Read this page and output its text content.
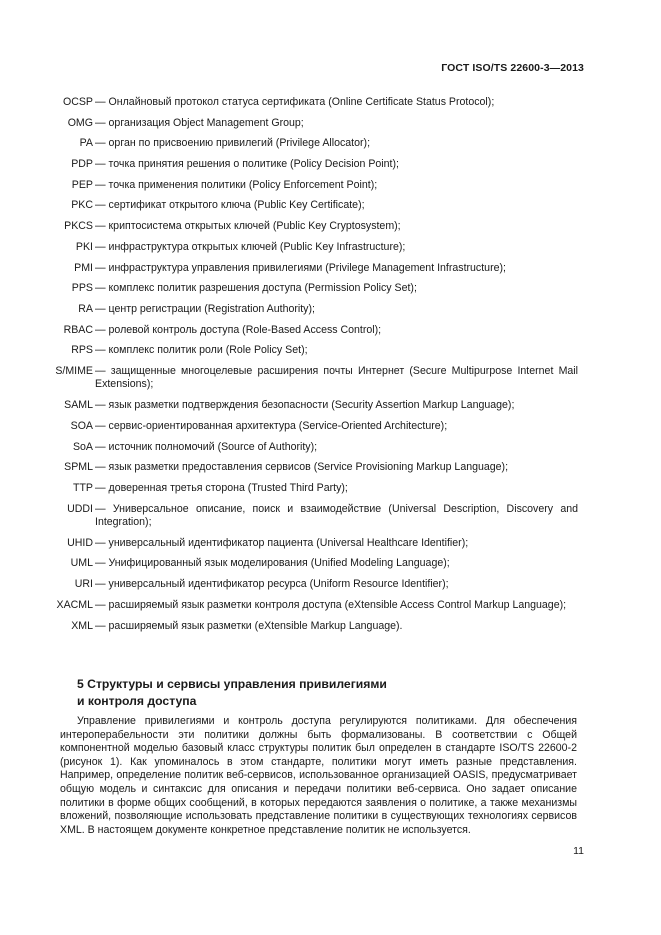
ГОСТ ISO/TS 22600-3—2013
OCSP — Онлайновый протокол статуса сертификата (Online Certificate Status Protocol);
OMG — организация Object Management Group;
PA — орган по присвоению привилегий (Privilege Allocator);
PDP — точка принятия решения о политике (Policy Decision Point);
PEP — точка применения политики (Policy Enforcement Point);
PKC — сертификат открытого ключа (Public Key Certificate);
PKCS — криптосистема открытых ключей (Public Key Cryptosystem);
PKI — инфраструктура открытых ключей (Public Key Infrastructure);
PMI — инфраструктура управления привилегиями (Privilege Management Infrastructure);
PPS — комплекс политик разрешения доступа (Permission Policy Set);
RA — центр регистрации (Registration Authority);
RBAC — ролевой контроль доступа (Role-Based Access Control);
RPS — комплекс политик роли (Role Policy Set);
S/MIME — защищенные многоцелевые расширения почты Интернет (Secure Multipurpose Internet Mail Extensions);
SAML — язык разметки подтверждения безопасности (Security Assertion Markup Language);
SOA — сервис-ориентированная архитектура (Service-Oriented Architecture);
SoA — источник полномочий (Source of Authority);
SPML — язык разметки предоставления сервисов (Service Provisioning Markup Language);
TTP — доверенная третья сторона (Trusted Third Party);
UDDI — Универсальное описание, поиск и взаимодействие (Universal Description, Discovery and Integration);
UHID — универсальный идентификатор пациента (Universal Healthcare Identifier);
UML — Унифицированный язык моделирования (Unified Modeling Language);
URI — универсальный идентификатор ресурса (Uniform Resource Identifier);
XACML — расширяемый язык разметки контроля доступа (eXtensible Access Control Markup Language);
XML — расширяемый язык разметки (eXtensible Markup Language).
5 Структуры и сервисы управления привилегиями
и контроля доступа

Управление привилегиями и контроль доступа регулируются политиками. Для обеспечения интероперабельности эти политики должны быть формализованы. В соответствии с Общей компонентной моделью базовый класс структуры политик был определен в стандарте ISO/TS 22600-2 (рисунок 1). Как упоминалось в этом стандарте, политики могут иметь разные представления. Например, определение политик веб-сервисов, использованное организацией OASIS, предусматривает общую модель и синтаксис для описания и передачи политики веб-сервиса. Оно задает описание политики в форме общих сообщений, в которых передаются заявления о политике, а также механизмы вложений, позволяющие использовать представление политики в существующих технологиях сервисов XML. В настоящем документе конкретное представление политик не используется.

11
